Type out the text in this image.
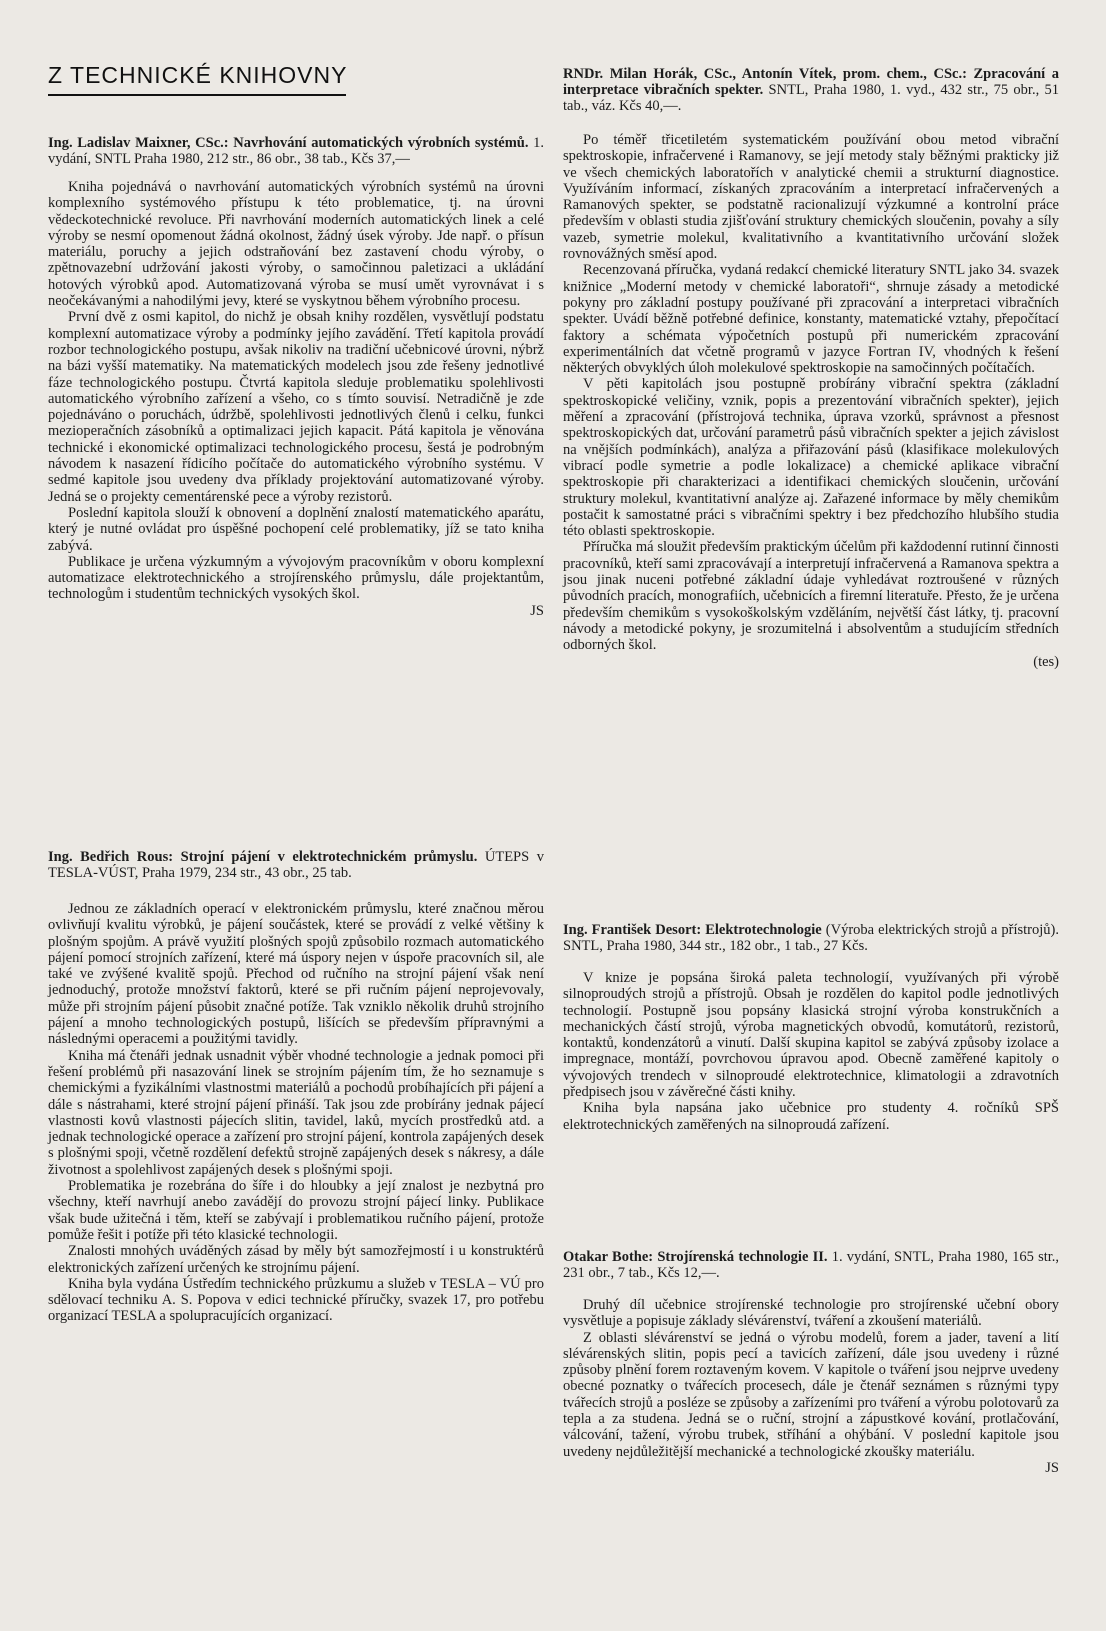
Z TECHNICKÉ KNIHOVNY

Ing. Ladislav Maixner, CSc.: Navrhování automatických výrobních systémů. 1. vydání, SNTL Praha 1980, 212 str., 86 obr., 38 tab., Kčs 37,—

Kniha pojednává o navrhování automatických výrobních systémů na úrovni komplexního systémového přístupu k této problematice, tj. na úrovni vědeckotechnické revoluce. Při navrhování moderních automatických linek a celé výroby se nesmí opomenout žádná okolnost, žádný úsek výroby. Jde např. o přísun materiálu, poruchy a jejich odstraňování bez zastavení chodu výroby, o zpětnovazební udržování jakosti výroby, o samočinnou paletizaci a ukládání hotových výrobků apod. Automatizovaná výroba se musí umět vyrovnávat i s neočekávanými a nahodilými jevy, které se vyskytnou během výrobního procesu.

První dvě z osmi kapitol, do nichž je obsah knihy rozdělen, vysvětlují podstatu komplexní automatizace výroby a podmínky jejího zavádění. Třetí kapitola provádí rozbor technologického postupu, avšak nikoliv na tradiční učebnicové úrovni, nýbrž na bázi vyšší matematiky. Na matematických modelech jsou zde řešeny jednotlivé fáze technologického postupu. Čtvrtá kapitola sleduje problematiku spolehlivosti automatického výrobního zařízení a všeho, co s tímto souvisí. Netradičně je zde pojednáváno o poruchách, údržbě, spolehlivosti jednotlivých členů i celku, funkci mezioperačních zásobníků a optimalizaci jejich kapacit. Pátá kapitola je věnována technické i ekonomické optimalizaci technologického procesu, šestá je podrobným návodem k nasazení řídicího počítače do automatického výrobního systému. V sedmé kapitole jsou uvedeny dva příklady projektování automatizované výroby. Jedná se o projekty cementárenské pece a výroby rezistorů.

Poslední kapitola slouží k obnovení a doplnění znalostí matematického aparátu, který je nutné ovládat pro úspěšné pochopení celé problematiky, jíž se tato kniha zabývá.

Publikace je určena výzkumným a vývojovým pracovníkům v oboru komplexní automatizace elektrotechnického a strojírenského průmyslu, dále projektantům, technologům i studentům technických vysokých škol.

JS

Ing. Bedřich Rous: Strojní pájení v elektrotechnickém průmyslu. ÚTEPS v TESLA-VÚST, Praha 1979, 234 str., 43 obr., 25 tab.

Jednou ze základních operací v elektronickém průmyslu, které značnou měrou ovlivňují kvalitu výrobků, je pájení součástek, které se provádí z velké většiny k plošným spojům. A právě využití plošných spojů způsobilo rozmach automatického pájení pomocí strojních zařízení, které má úspory nejen v úspoře pracovních sil, ale také ve zvýšené kvalitě spojů. Přechod od ručního na strojní pájení však není jednoduchý, protože množství faktorů, které se při ručním pájení neprojevovaly, může při strojním pájení působit značné potíže. Tak vzniklo několik druhů strojního pájení a mnoho technologických postupů, lišících se především přípravnými a následnými operacemi a použitými tavidly.

Kniha má čtenáři jednak usnadnit výběr vhodné technologie a jednak pomoci při řešení problémů při nasazování linek se strojním pájením tím, že ho seznamuje s chemickými a fyzikálními vlastnostmi materiálů a pochodů probíhajících při pájení a dále s nástrahami, které strojní pájení přináší. Tak jsou zde probírány jednak pájecí vlastnosti kovů vlastnosti pájecích slitin, tavidel, laků, mycích prostředků atd. a jednak technologické operace a zařízení pro strojní pájení, kontrola zapájených desek s plošnými spoji, včetně rozdělení defektů strojně zapájených desek s nákresy, a dále životnost a spolehlivost zapájených desek s plošnými spoji.

Problematika je rozebrána do šíře i do hloubky a její znalost je nezbytná pro všechny, kteří navrhují anebo zavádějí do provozu strojní pájecí linky. Publikace však bude užitečná i těm, kteří se zabývají i problematikou ručního pájení, protože pomůže řešit i potíže při této klasické technologii.

Znalosti mnohých uváděných zásad by měly být samozřejmostí i u konstruktérů elektronických zařízení určených ke strojnímu pájení.

Kniha byla vydána Ústředím technického průzkumu a služeb v TESLA – VÚ pro sdělovací techniku A. S. Popova v edici technické příručky, svazek 17, pro potřebu organizací TESLA a spolupracujících organizací.

RNDr. Milan Horák, CSc., Antonín Vítek, prom. chem., CSc.: Zpracování a interpretace vibračních spekter. SNTL, Praha 1980, 1. vyd., 432 str., 75 obr., 51 tab., váz. Kčs 40,—.

Po téměř třicetiletém systematickém používání obou metod vibrační spektroskopie, infračervené i Ramanovy, se její metody staly běžnými prakticky již ve všech chemických laboratořích v analytické chemii a strukturní diagnostice. Využíváním informací, získaných zpracováním a interpretací infračervených a Ramanových spekter, se podstatně racionalizují výzkumné a kontrolní práce především v oblasti studia zjišťování struktury chemických sloučenin, povahy a síly vazeb, symetrie molekul, kvalitativního a kvantitativního určování složek rovnovážných směsí apod.

Recenzovaná příručka, vydaná redakcí chemické literatury SNTL jako 34. svazek knižnice „Moderní metody v chemické laboratoři“, shrnuje zásady a metodické pokyny pro základní postupy používané při zpracování a interpretaci vibračních spekter. Uvádí běžně potřebné definice, konstanty, matematické vztahy, přepočítací faktory a schémata výpočetních postupů při numerickém zpracování experimentálních dat včetně programů v jazyce Fortran IV, vhodných k řešení některých obvyklých úloh molekulové spektroskopie na samočinných počítačích.

V pěti kapitolách jsou postupně probírány vibrační spektra (základní spektroskopické veličiny, vznik, popis a prezentování vibračních spekter), jejich měření a zpracování (přístrojová technika, úprava vzorků, správnost a přesnost spektroskopických dat, určování parametrů pásů vibračních spekter a jejich závislost na vnějších podmínkách), analýza a přiřazování pásů (klasifikace molekulových vibrací podle symetrie a podle lokalizace) a chemické aplikace vibrační spektroskopie při charakterizaci a identifikaci chemických sloučenin, určování struktury molekul, kvantitativní analýze aj. Zařazené informace by měly chemikům postačit k samostatné práci s vibračními spektry i bez předchozího hlubšího studia této oblasti spektroskopie.

Příručka má sloužit především praktickým účelům při každodenní rutinní činnosti pracovníků, kteří sami zpracovávají a interpretují infračervená a Ramanova spektra a jsou jinak nuceni potřebné základní údaje vyhledávat roztroušené v různých původních pracích, monografiích, učebnicích a firemní literatuře. Přesto, že je určena především chemikům s vysokoškolským vzděláním, největší část látky, tj. pracovní návody a metodické pokyny, je srozumitelná i absolventům a studujícím středních odborných škol.

(tes)

Ing. František Desort: Elektrotechnologie (Výroba elektrických strojů a přístrojů). SNTL, Praha 1980, 344 str., 182 obr., 1 tab., 27 Kčs.

V knize je popsána široká paleta technologií, využívaných při výrobě silnoproudých strojů a přístrojů. Obsah je rozdělen do kapitol podle jednotlivých technologií. Postupně jsou popsány klasická strojní výroba konstrukčních a mechanických částí strojů, výroba magnetických obvodů, komutátorů, rezistorů, kontaktů, kondenzátorů a vinutí. Další skupina kapitol se zabývá způsoby izolace a impregnace, montáží, povrchovou úpravou apod. Obecně zaměřené kapitoly o vývojových trendech v silnoproudé elektrotechnice, klimatologii a zdravotních předpisech jsou v závěrečné části knihy.

Kniha byla napsána jako učebnice pro studenty 4. ročníků SPŠ elektrotechnických zaměřených na silnoproudá zařízení.

Otakar Bothe: Strojírenská technologie II. 1. vydání, SNTL, Praha 1980, 165 str., 231 obr., 7 tab., Kčs 12,—.

Druhý díl učebnice strojírenské technologie pro strojírenské učební obory vysvětluje a popisuje základy slévárenství, tváření a zkoušení materiálů.

Z oblasti slévárenství se jedná o výrobu modelů, forem a jader, tavení a lití slévárenských slitin, popis pecí a tavicích zařízení, dále jsou uvedeny i různé způsoby plnění forem roztaveným kovem. V kapitole o tváření jsou nejprve uvedeny obecné poznatky o tvářecích procesech, dále je čtenář seznámen s různými typy tvářecích strojů a posléze se způsoby a zařízeními pro tváření a výrobu polotovarů za tepla a za studena. Jedná se o ruční, strojní a zápustkové kování, protlačování, válcování, tažení, výrobu trubek, stříhání a ohýbání. V poslední kapitole jsou uvedeny nejdůležitější mechanické a technologické zkoušky materiálu.

JS
